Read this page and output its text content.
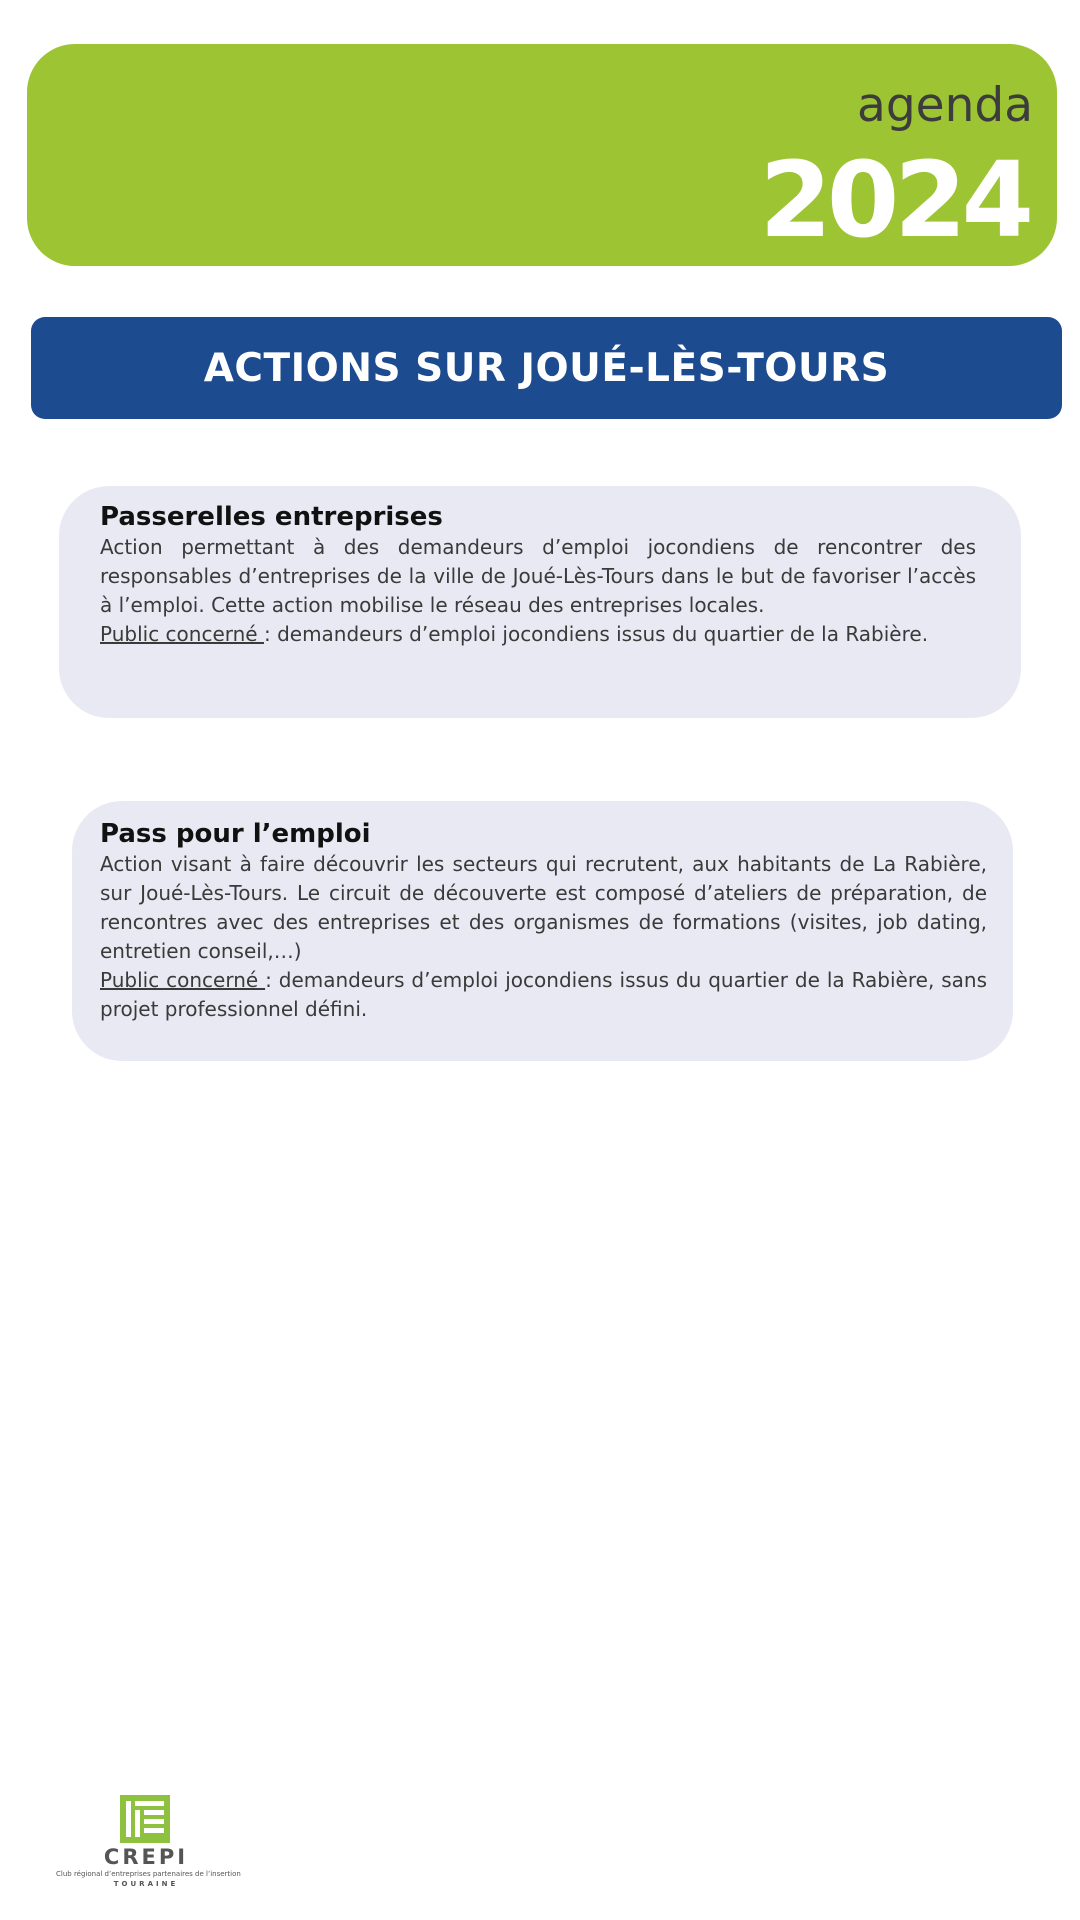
agenda
2024
ACTIONS SUR JOUÉ-LÈS-TOURS
Passerelles entreprises

Action permettant à des demandeurs d’emploi jocondiens de rencontrer des responsables d’entreprises de la ville de Joué-Lès-Tours dans le but de favoriser l’accès à l’emploi. Cette action mobilise le réseau des entreprises locales.

Public concerné : demandeurs d’emploi jocondiens issus du quartier de la Rabière.

Pass pour l’emploi

Action visant à faire découvrir les secteurs qui recrutent, aux habitants de La Rabière, sur Joué-Lès-Tours. Le circuit de découverte est composé d’ateliers de préparation, de rencontres avec des entreprises et des organismes de formations (visites, job dating, entretien conseil,…)

Public concerné : demandeurs d’emploi jocondiens issus du quartier de la Rabière, sans projet professionnel défini.

CREPI
Club régional d’entreprises partenaires de l’insertion
TOURAINE
